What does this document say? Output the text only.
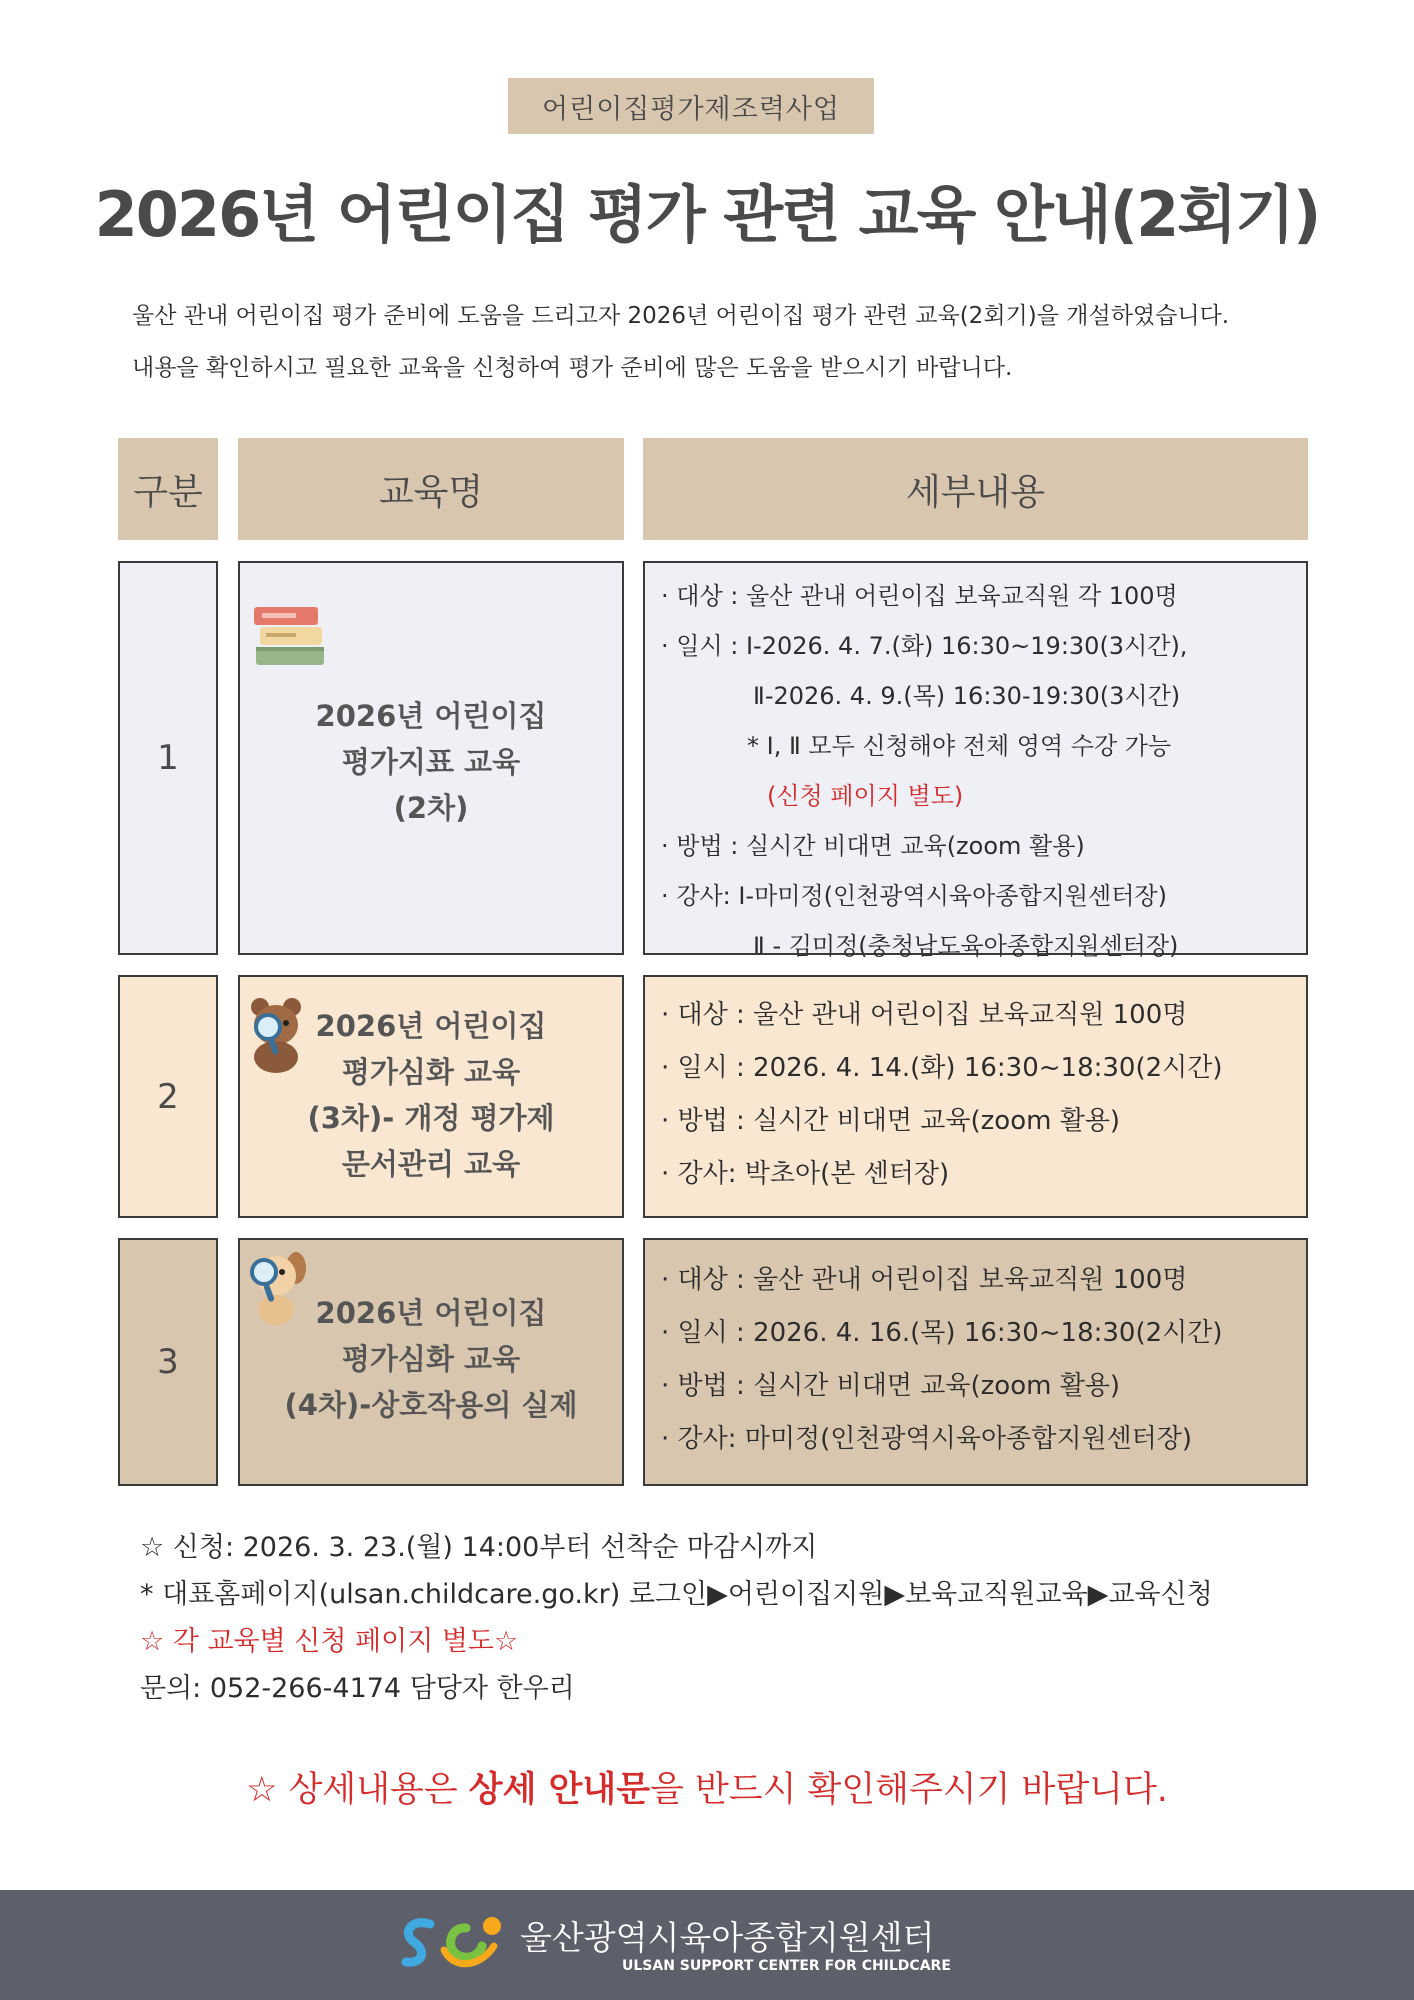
어린이집평가제조력사업
2026년 어린이집 평가 관련 교육 안내(2회기)
울산 관내 어린이집 평가 준비에 도움을 드리고자 2026년 어린이집 평가 관련 교육(2회기)을 개설하였습니다.
내용을 확인하시고 필요한 교육을 신청하여 평가 준비에 많은 도움을 받으시기 바랍니다.
구분	교육명	세부내용
1
2026년 어린이집
평가지표 교육
(2차)
· 대상 : 울산 관내 어린이집 보육교직원 각 100명
· 일시 : Ⅰ-2026. 4. 7.(화) 16:30~19:30(3시간),
Ⅱ-2026. 4. 9.(목) 16:30-19:30(3시간)
* Ⅰ, Ⅱ 모두 신청해야 전체 영역 수강 가능
(신청 페이지 별도)
· 방법 : 실시간 비대면 교육(zoom 활용)
· 강사: Ⅰ-마미정(인천광역시육아종합지원센터장)
Ⅱ - 김미정(충청남도육아종합지원센터장)
2
2026년 어린이집
평가심화 교육
(3차)- 개정 평가제
문서관리 교육
· 대상 : 울산 관내 어린이집 보육교직원 100명
· 일시 : 2026. 4. 14.(화) 16:30~18:30(2시간)
· 방법 : 실시간 비대면 교육(zoom 활용)
· 강사: 박초아(본 센터장)
3
2026년 어린이집
평가심화 교육
(4차)-상호작용의 실제
· 대상 : 울산 관내 어린이집 보육교직원 100명
· 일시 : 2026. 4. 16.(목) 16:30~18:30(2시간)
· 방법 : 실시간 비대면 교육(zoom 활용)
· 강사: 마미정(인천광역시육아종합지원센터장)
☆ 신청: 2026. 3. 23.(월) 14:00부터 선착순 마감시까지
* 대표홈페이지(ulsan.childcare.go.kr) 로그인▶어린이집지원▶보육교직원교육▶교육신청
☆ 각 교육별 신청 페이지 별도☆
문의: 052-266-4174 담당자 한우리
☆ 상세내용은 상세 안내문을 반드시 확인해주시기 바랍니다.
울산광역시육아종합지원센터
ULSAN SUPPORT CENTER FOR CHILDCARE
